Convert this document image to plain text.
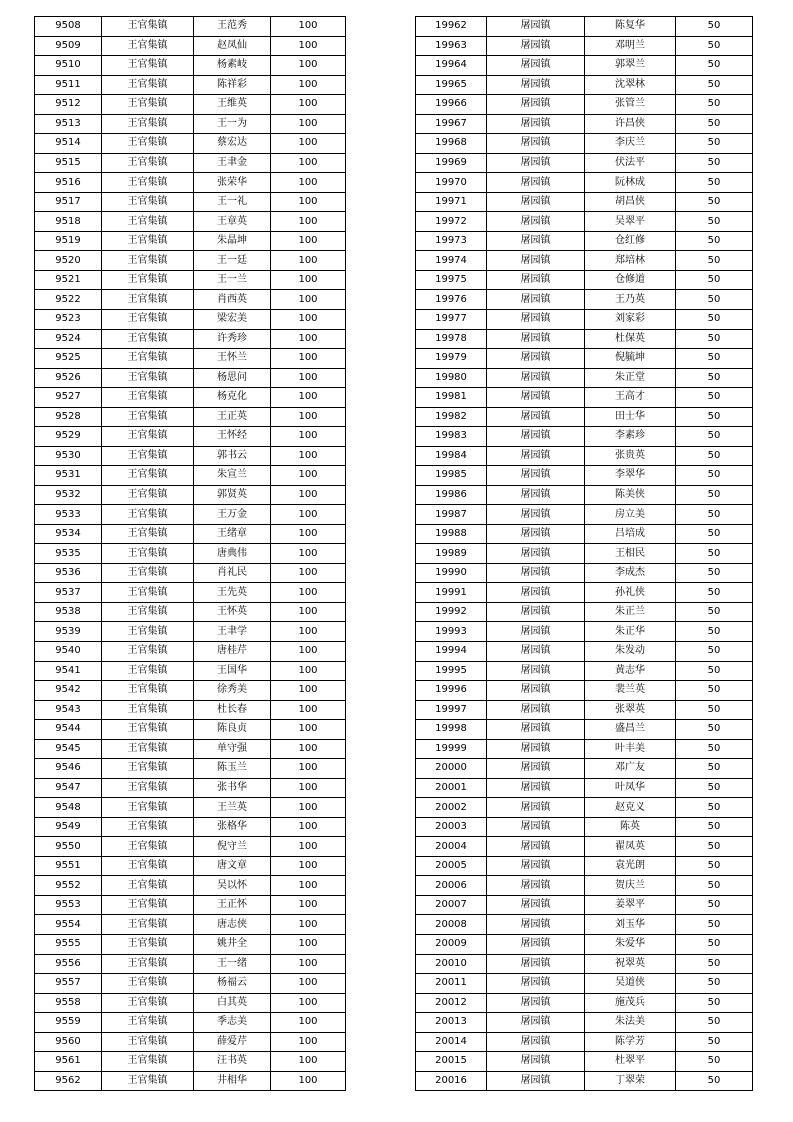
9508	王官集镇	王范秀	100
9509	王官集镇	赵凤仙	100
9510	王官集镇	杨素岐	100
9511	王官集镇	陈祥彩	100
9512	王官集镇	王维英	100
9513	王官集镇	王一为	100
9514	王官集镇	蔡宏达	100
9515	王官集镇	王聿金	100
9516	王官集镇	张荣华	100
9517	王官集镇	王一礼	100
9518	王官集镇	王章英	100
9519	王官集镇	朱晶坤	100
9520	王官集镇	王一廷	100
9521	王官集镇	王一兰	100
9522	王官集镇	肖西英	100
9523	王官集镇	梁宏美	100
9524	王官集镇	许秀珍	100
9525	王官集镇	王怀兰	100
9526	王官集镇	杨思问	100
9527	王官集镇	杨克化	100
9528	王官集镇	王正英	100
9529	王官集镇	王怀经	100
9530	王官集镇	郭书云	100
9531	王官集镇	朱宣兰	100
9532	王官集镇	郭贤英	100
9533	王官集镇	王万金	100
9534	王官集镇	王绪章	100
9535	王官集镇	唐典伟	100
9536	王官集镇	肖礼民	100
9537	王官集镇	王先英	100
9538	王官集镇	王怀英	100
9539	王官集镇	王聿学	100
9540	王官集镇	唐桂芹	100
9541	王官集镇	王国华	100
9542	王官集镇	徐秀美	100
9543	王官集镇	杜长春	100
9544	王官集镇	陈良贞	100
9545	王官集镇	单守强	100
9546	王官集镇	陈玉兰	100
9547	王官集镇	张书华	100
9548	王官集镇	王兰英	100
9549	王官集镇	张格华	100
9550	王官集镇	倪守兰	100
9551	王官集镇	唐文章	100
9552	王官集镇	吴以怀	100
9553	王官集镇	王正怀	100
9554	王官集镇	唐志侠	100
9555	王官集镇	姚井全	100
9556	王官集镇	王一绪	100
9557	王官集镇	杨福云	100
9558	王官集镇	白其英	100
9559	王官集镇	季志美	100
9560	王官集镇	薛爱芹	100
9561	王官集镇	汪书英	100
9562	王官集镇	井相华	100
19962	屠园镇	陈复华	50
19963	屠园镇	邓明兰	50
19964	屠园镇	郭翠兰	50
19965	屠园镇	沈翠林	50
19966	屠园镇	张管兰	50
19967	屠园镇	许昌侠	50
19968	屠园镇	李庆兰	50
19969	屠园镇	伏法平	50
19970	屠园镇	阮林成	50
19971	屠园镇	胡昌侠	50
19972	屠园镇	吴翠平	50
19973	屠园镇	仓红修	50
19974	屠园镇	郑培林	50
19975	屠园镇	仓修道	50
19976	屠园镇	王乃英	50
19977	屠园镇	刘家彩	50
19978	屠园镇	杜保英	50
19979	屠园镇	倪毓坤	50
19980	屠园镇	朱正堂	50
19981	屠园镇	王高才	50
19982	屠园镇	田士华	50
19983	屠园镇	李素珍	50
19984	屠园镇	张贵英	50
19985	屠园镇	李翠华	50
19986	屠园镇	陈美侠	50
19987	屠园镇	房立美	50
19988	屠园镇	吕培成	50
19989	屠园镇	王相民	50
19990	屠园镇	李成杰	50
19991	屠园镇	孙礼侠	50
19992	屠园镇	朱正兰	50
19993	屠园镇	朱正华	50
19994	屠园镇	朱发动	50
19995	屠园镇	黄志华	50
19996	屠园镇	裴兰英	50
19997	屠园镇	张翠英	50
19998	屠园镇	盛昌兰	50
19999	屠园镇	叶丰美	50
20000	屠园镇	邓广友	50
20001	屠园镇	叶凤华	50
20002	屠园镇	赵克义	50
20003	屠园镇	陈英	50
20004	屠园镇	翟凤英	50
20005	屠园镇	袁光朗	50
20006	屠园镇	贺庆兰	50
20007	屠园镇	姜翠平	50
20008	屠园镇	刘玉华	50
20009	屠园镇	朱爱华	50
20010	屠园镇	祝翠英	50
20011	屠园镇	吴道侠	50
20012	屠园镇	施茂兵	50
20013	屠园镇	朱法美	50
20014	屠园镇	陈学芳	50
20015	屠园镇	杜翠平	50
20016	屠园镇	丁翠荣	50
